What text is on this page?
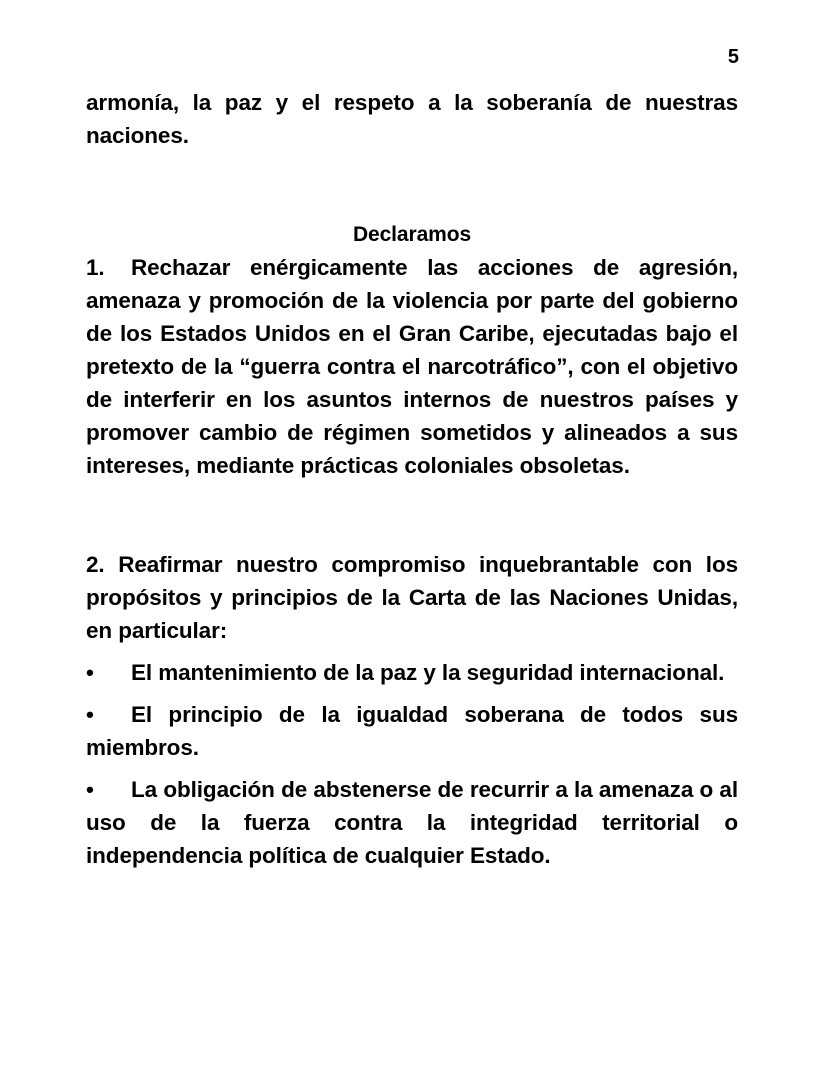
5

armonía, la paz y el respeto a la soberanía de nuestras naciones.

Declaramos

1. Rechazar enérgicamente las acciones de agresión, amenaza y promoción de la violencia por parte del gobierno de los Estados Unidos en el Gran Caribe, ejecutadas bajo el pretexto de la “guerra contra el narcotráfico”, con el objetivo de interferir en los asuntos internos de nuestros países y promover cambio de régimen sometidos y alineados a sus intereses, mediante prácticas coloniales obsoletas.

2. Reafirmar nuestro compromiso inquebrantable con los propósitos y principios de la Carta de las Naciones Unidas, en particular:

• El mantenimiento de la paz y la seguridad internacional.

• El principio de la igualdad soberana de todos sus miembros.

• La obligación de abstenerse de recurrir a la amenaza o al uso de la fuerza contra la integridad territorial o independencia política de cualquier Estado.
